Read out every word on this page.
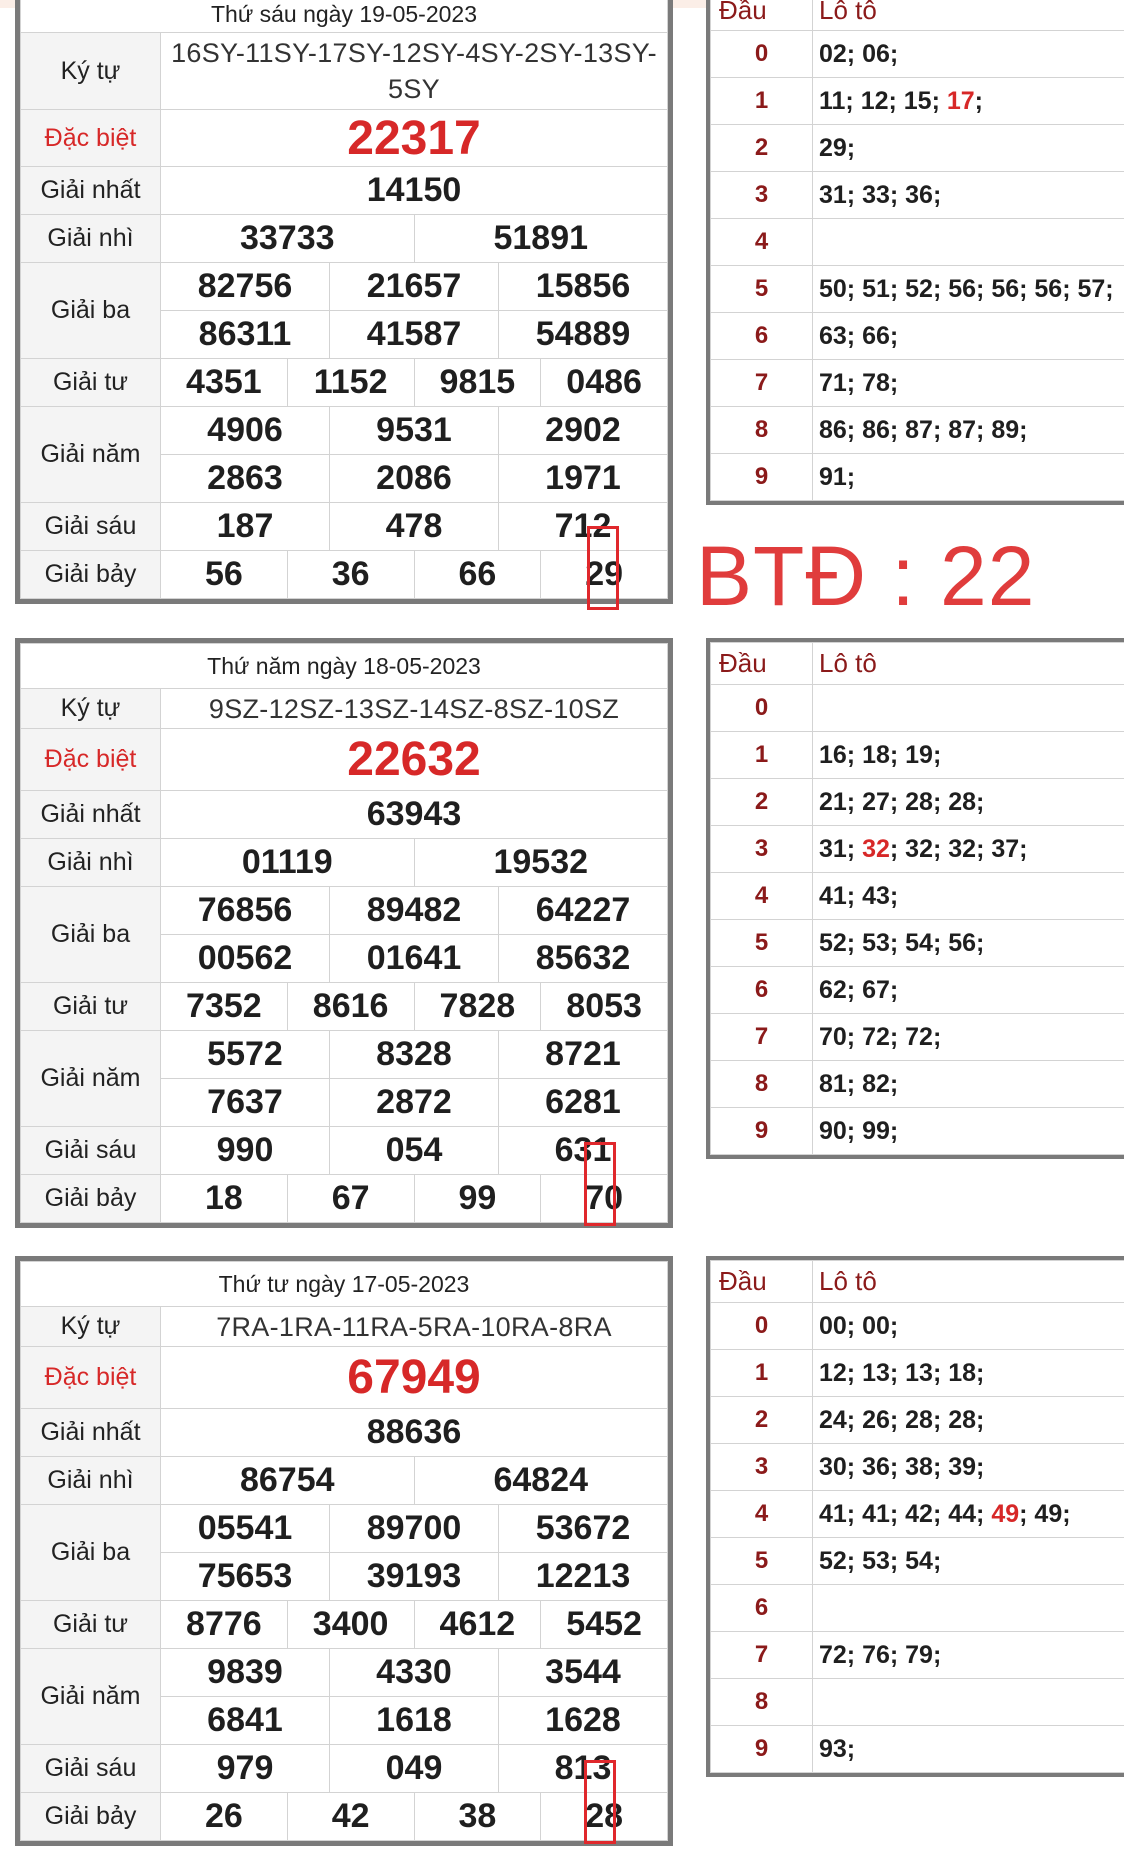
Thứ sáu ngày 19-05-2023						
Ký tự	16SY-11SY-17SY-12SY-4SY-2SY-13SY-5SY					
Đặc biệt	22317					
Giải nhất	14150					
Giải nhì	33733			51891		
Giải ba	82756		21657		15856	
	86311		41587		54889	
Giải tư	4351	1152		9815		0486
Giải năm	4906		9531		2902	
	2863		2086		1971	
Giải sáu	187		478		712	
Giải bảy	56	36		66		29
Thứ năm ngày 18-05-2023						
Ký tự	9SZ-12SZ-13SZ-14SZ-8SZ-10SZ					
Đặc biệt	22632					
Giải nhất	63943					
Giải nhì	01119			19532		
Giải ba	76856		89482		64227	
	00562		01641		85632	
Giải tư	7352	8616		7828		8053
Giải năm	5572		8328		8721	
	7637		2872		6281	
Giải sáu	990		054		631	
Giải bảy	18	67		99		70
Thứ tư ngày 17-05-2023						
Ký tự	7RA-1RA-11RA-5RA-10RA-8RA					
Đặc biệt	67949					
Giải nhất	88636					
Giải nhì	86754			64824		
Giải ba	05541		89700		53672	
	75653		39193		12213	
Giải tư	8776	3400		4612		5452
Giải năm	9839		4330		3544	
	6841		1618		1628	
Giải sáu	979		049		813	
Giải bảy	26	42		38		28
Đầu	Lô tô
0	02; 06;
1	11; 12; 15; 17;
2	29;
3	31; 33; 36;
4	
5	50; 51; 52; 56; 56; 56; 57;
6	63; 66;
7	71; 78;
8	86; 86; 87; 87; 89;
9	91;
BTĐ : 22
Đầu	Lô tô
0	
1	16; 18; 19;
2	21; 27; 28; 28;
3	31; 32; 32; 32; 37;
4	41; 43;
5	52; 53; 54; 56;
6	62; 67;
7	70; 72; 72;
8	81; 82;
9	90; 99;
Đầu	Lô tô
0	00; 00;
1	12; 13; 13; 18;
2	24; 26; 28; 28;
3	30; 36; 38; 39;
4	41; 41; 42; 44; 49; 49;
5	52; 53; 54;
6	
7	72; 76; 79;
8	
9	93;
